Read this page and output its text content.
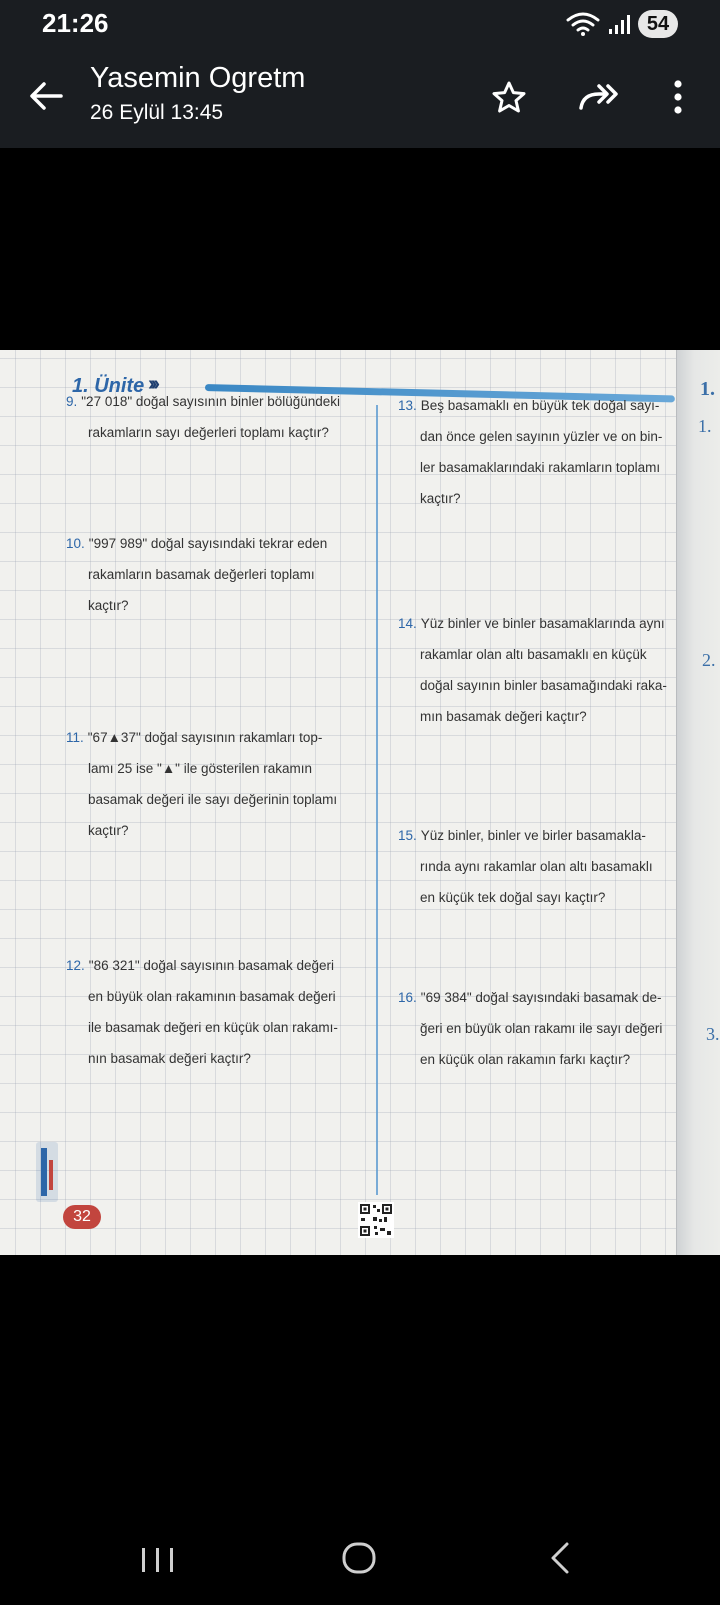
21:26	54
Yasemin Ogretm
26 Eylül 13:45
1.
1.
2.
3.
1. Ünite ›››
9. "27 018" doğal sayısının binler bölüğündeki
rakamların sayı değerleri toplamı kaçtır?
10. "997 989" doğal sayısındaki tekrar eden
rakamların basamak değerleri toplamı
kaçtır?
11. "67▲37" doğal sayısının rakamları top-
lamı 25 ise "▲" ile gösterilen rakamın
basamak değeri ile sayı değerinin toplamı
kaçtır?
12. "86 321" doğal sayısının basamak değeri
en büyük olan rakamının basamak değeri
ile basamak değeri en küçük olan rakamı-
nın basamak değeri kaçtır?
13. Beş basamaklı en büyük tek doğal sayı-
dan önce gelen sayının yüzler ve on bin-
ler basamaklarındaki rakamların toplamı
kaçtır?
14. Yüz binler ve binler basamaklarında aynı
rakamlar olan altı basamaklı en küçük
doğal sayının binler basamağındaki raka-
mın basamak değeri kaçtır?
15. Yüz binler, binler ve birler basamakla-
rında aynı rakamlar olan altı basamaklı
en küçük tek doğal sayı kaçtır?
16. "69 384" doğal sayısındaki basamak de-
ğeri en büyük olan rakamı ile sayı değeri
en küçük olan rakamın farkı kaçtır?
32
